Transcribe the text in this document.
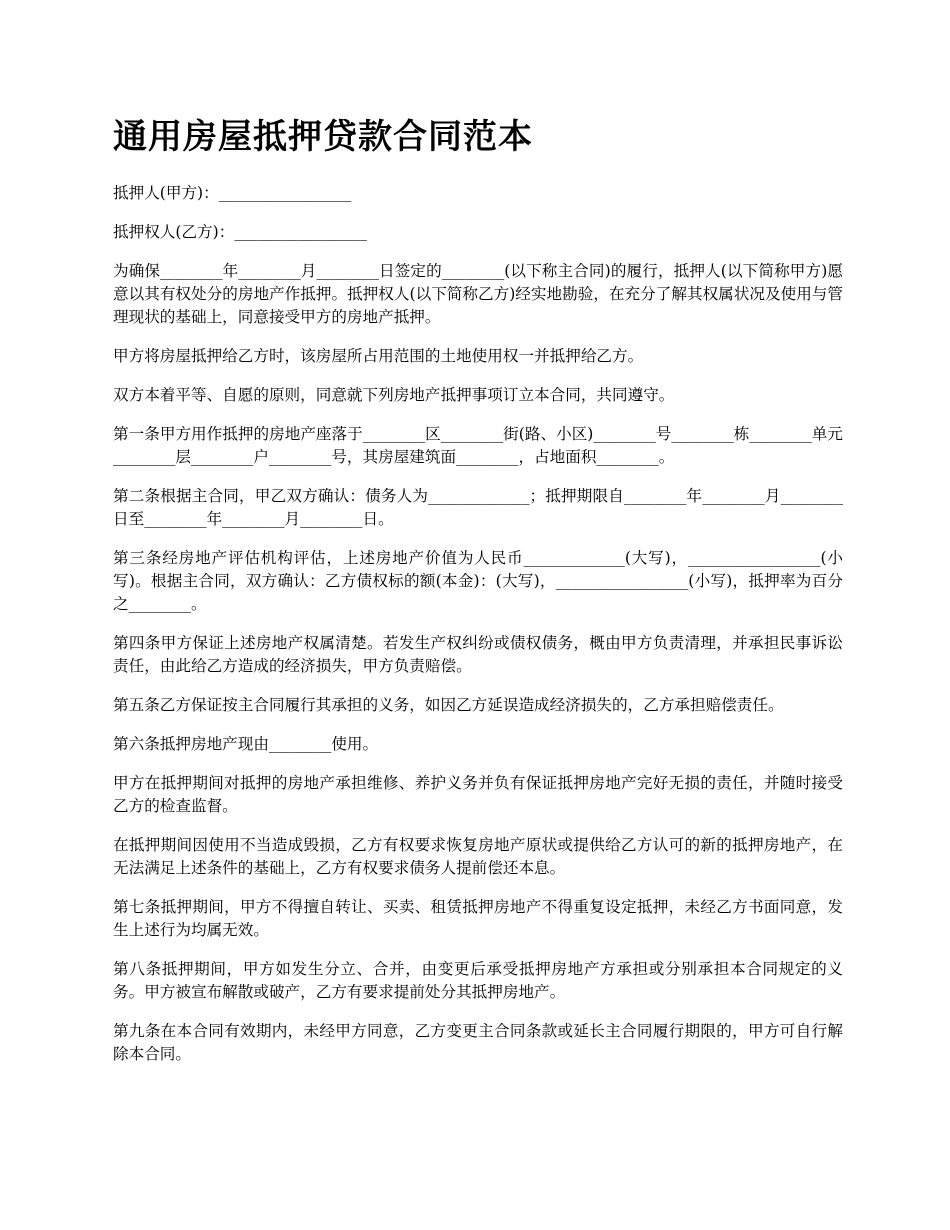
通用房屋抵押贷款合同范本

抵押人(甲方)：_________________

抵押权人(乙方)：_________________

为确保________年________月________日签定的________(以下称主合同)的履行，抵押人(以下简称甲方)愿意以其有权处分的房地产作抵押。抵押权人(以下简称乙方)经实地勘验，在充分了解其权属状况及使用与管理现状的基础上，同意接受甲方的房地产抵押。

甲方将房屋抵押给乙方时，该房屋所占用范围的土地使用权一并抵押给乙方。

双方本着平等、自愿的原则，同意就下列房地产抵押事项订立本合同，共同遵守。

第一条甲方用作抵押的房地产座落于________区________街(路、小区)________号________栋________单元________层________户________号，其房屋建筑面________，占地面积________。

第二条根据主合同，甲乙双方确认：债务人为_____________；抵押期限自________年________月________日至________年________月________日。

第三条经房地产评估机构评估，上述房地产价值为人民币_____________(大写)，_________________(小写)。根据主合同，双方确认：乙方债权标的额(本金)：(大写)，_________________(小写)，抵押率为百分之________。

第四条甲方保证上述房地产权属清楚。若发生产权纠纷或债权债务，概由甲方负责清理，并承担民事诉讼责任，由此给乙方造成的经济损失，甲方负责赔偿。

第五条乙方保证按主合同履行其承担的义务，如因乙方延误造成经济损失的，乙方承担赔偿责任。

第六条抵押房地产现由________使用。

甲方在抵押期间对抵押的房地产承担维修、养护义务并负有保证抵押房地产完好无损的责任，并随时接受乙方的检查监督。

在抵押期间因使用不当造成毁损，乙方有权要求恢复房地产原状或提供给乙方认可的新的抵押房地产，在无法满足上述条件的基础上，乙方有权要求债务人提前偿还本息。

第七条抵押期间，甲方不得擅自转让、买卖、租赁抵押房地产不得重复设定抵押，未经乙方书面同意，发生上述行为均属无效。

第八条抵押期间，甲方如发生分立、合并，由变更后承受抵押房地产方承担或分别承担本合同规定的义务。甲方被宣布解散或破产，乙方有要求提前处分其抵押房地产。

第九条在本合同有效期内，未经甲方同意，乙方变更主合同条款或延长主合同履行期限的，甲方可自行解除本合同。
